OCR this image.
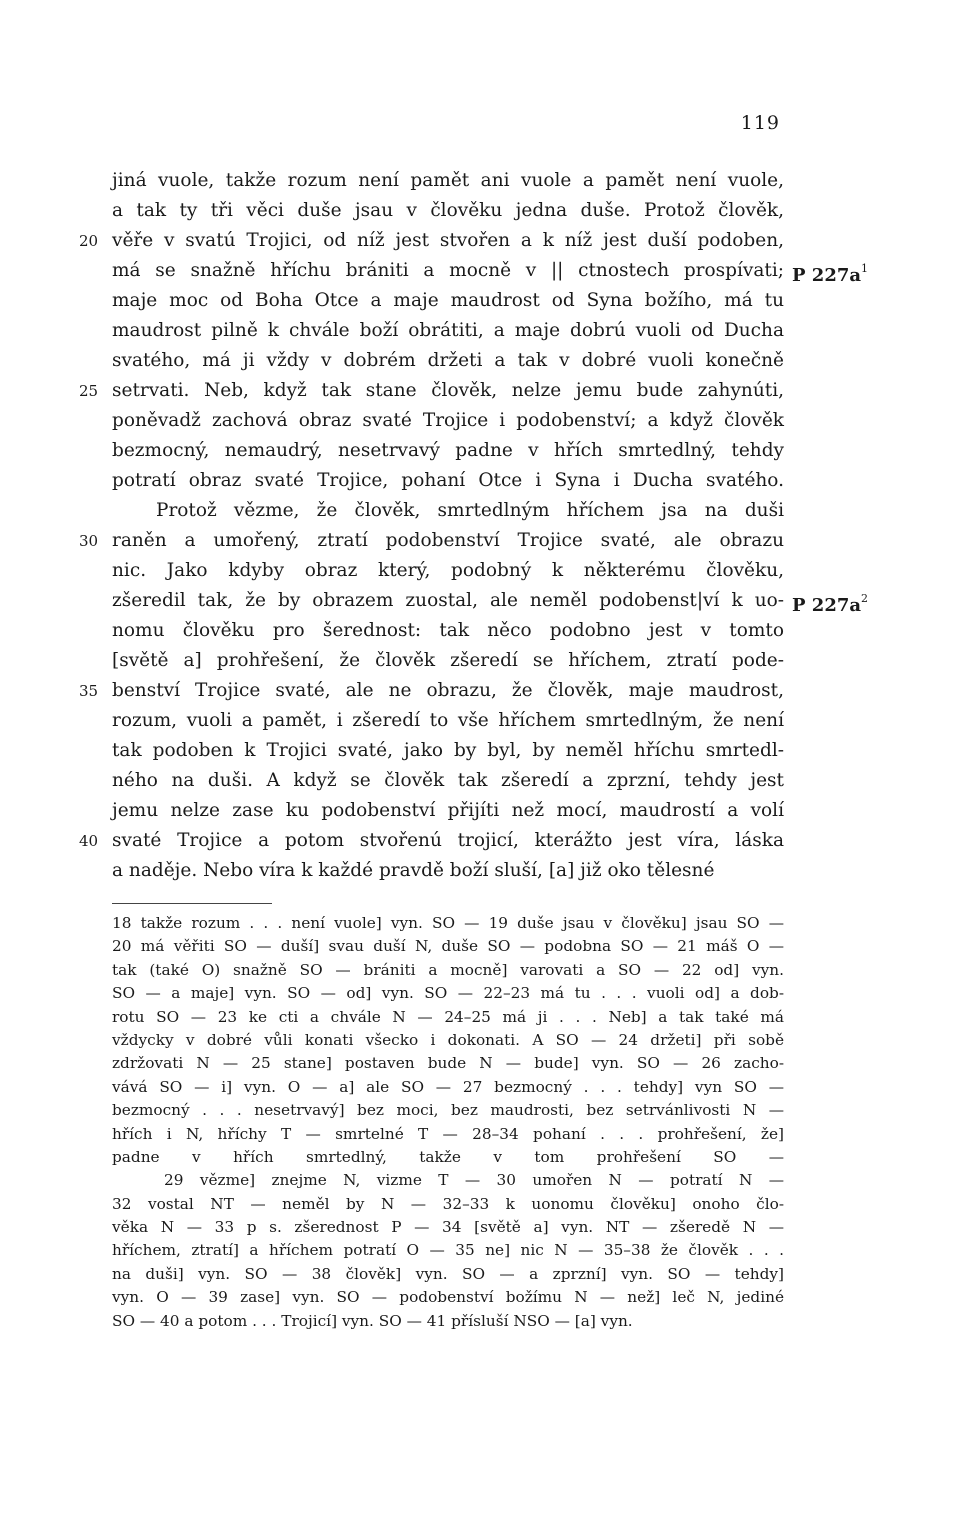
119
jiná vuole, takže rozum není pamět ani vuole a pamět není vuole,
a tak ty tři věci duše jsau v člověku jedna duše. Protož člověk,
20 věře v svatú Trojici, od níž jest stvořen a k níž jest duší podoben,
má se snažně hříchu brániti a mocně v || ctnostech prospívati; P $227a^1$
maje moc od Boha Otce a maje maudrost od Syna božího, má tu
maudrost pilně k chvále boží obrátiti, a maje dobrú vuoli od Ducha
svatého, má ji vždy v dobrém držeti a tak v dobré vuoli konečně
25 setrvati. Neb, když tak stane člověk, nelze jemu bude zahynúti,
poněvadž zachová obraz svaté Trojice i podobenství; a když člověk
bezmocný, nemaudrý, nesetrvavý padne v hřích smrtedlný, tehdy
potratí obraz svaté Trojice, pohaní Otce i Syna i Ducha svatého.
Protož vězme, že člověk, smrtedlným hříchem jsa na duši
30 raněn a umořený, ztratí podobenství Trojice svaté, ale obrazu
nic. Jako kdyby obraz který, podobný k některému člověku,
zšeredil tak, že by obrazem zuostal, ale neměl podobenst|ví k uo- P $227a^2$
nomu člověku pro šerednost: tak něco podobno jest v tomto
[světě a] prohřešení, že člověk zšeredí se hříchem, ztratí pode-
35 benství Trojice svaté, ale ne obrazu, že člověk, maje maudrost,
rozum, vuoli a pamět, i zšeredí to vše hříchem smrtedlným, že není
tak podoben k Trojici svaté, jako by byl, by neměl hříchu smrtedl-
ného na duši. A když se člověk tak zšeredí a zprzní, tehdy jest
jemu nelze zase ku podobenství přijíti než mocí, maudrostí a volí
40 svaté Trojice a potom stvořenú trojicí, kterážto jest víra, láska
a naděje. Nebo víra k každé pravdě boží sluší, [a] již oko tělesné
18 takže rozum . . . není vuole] vyn. SO — 19 duše jsau v člověku] jsau SO —
20 má věřiti SO — duší] svau duší N, duše SO — podobna SO — 21 máš O —
tak (také O) snažně SO — brániti a mocně] varovati a SO — 22 od] vyn.
SO — a maje] vyn. SO — od] vyn. SO — 22–23 má tu . . . vuoli od] a dob-
rotu SO — 23 ke cti a chvále N — 24–25 má ji . . . Neb] a tak také má
vždycky v dobré vůli konati všecko i dokonati. A SO — 24 držeti] při sobě
zdržovati N — 25 stane] postaven bude N — bude] vyn. SO — 26 zacho-
vává SO — i] vyn. O — a] ale SO — 27 bezmocný . . . tehdy] vyn SO —
bezmocný . . . nesetrvavý] bez moci, bez maudrosti, bez setrvánlivosti N —
hřích i N, hříchy T — smrtelné T — 28–34 pohaní . . . prohřešení, že]
padne v hřích smrtedlný, takže v tom prohřešení SO —
29 vězme] znejme N, vizme T — 30 umořen N — potratí N —
32 vostal NT — neměl by N — 32–33 k uonomu člověku] onoho člo-
věka N — 33 p s. zšerednost P — 34 [světě a] vyn. NT — zšeredě N —
hříchem, ztratí] a hříchem potratí O — 35 ne] nic N — 35–38 že člověk . . .
na duši] vyn. SO — 38 člověk] vyn. SO — a zprzní] vyn. SO — tehdy]
vyn. O — 39 zase] vyn. SO — podobenství božímu N — než] leč N, jediné
SO — 40 a potom . . . Trojicí] vyn. SO — 41 přísluší NSO — [a] vyn.
